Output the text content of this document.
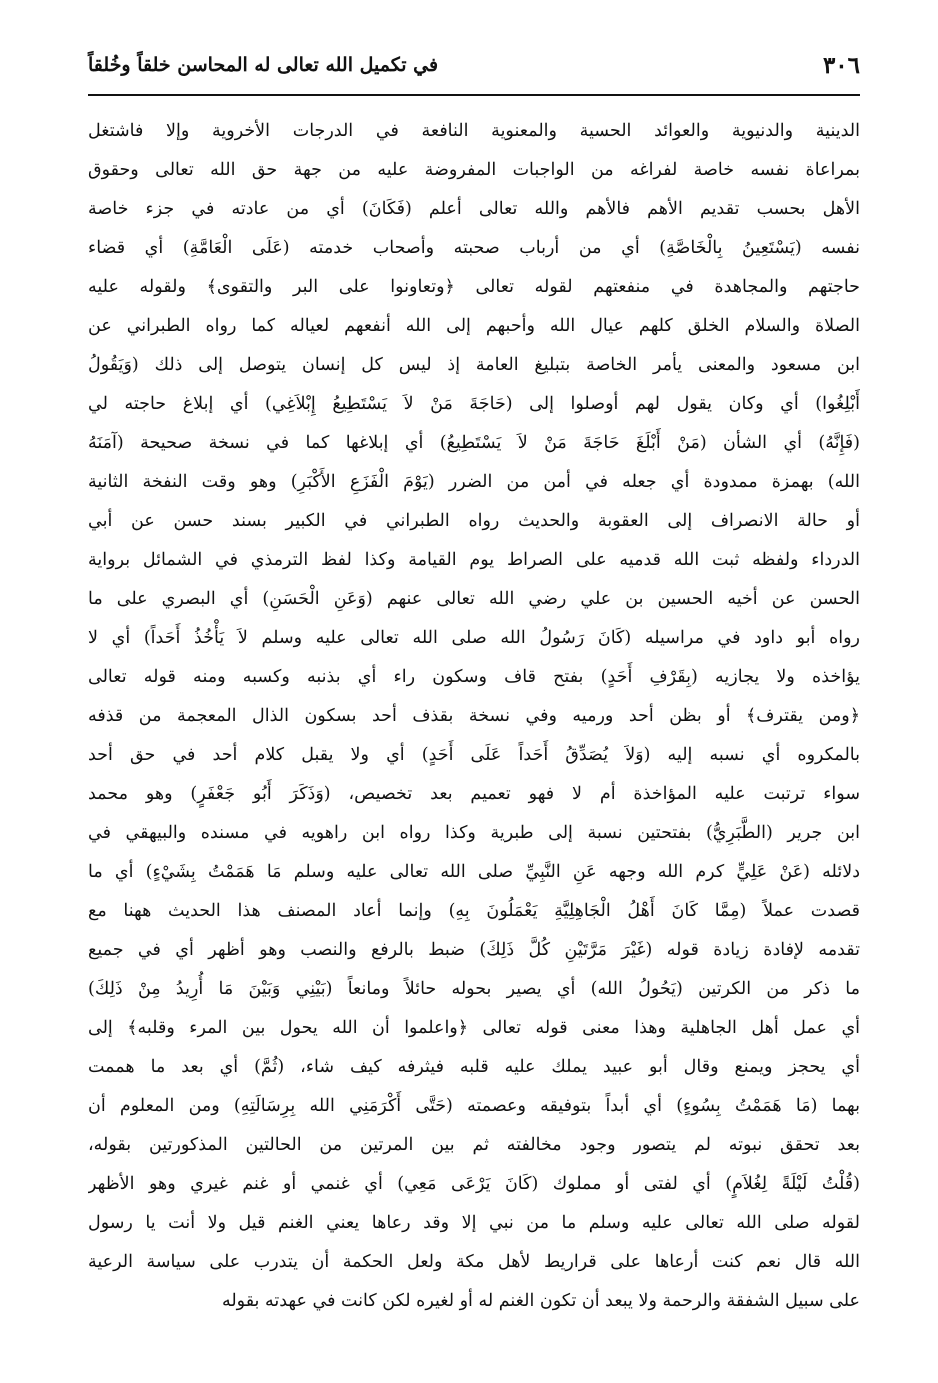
٣٠٦
في تكميل الله تعالى له المحاسن خلقاً وخُلقاً
الدينية والدنيوية والعوائد الحسية والمعنوية النافعة في الدرجات الأخروية وإلا فاشتغل
بمراعاة نفسه خاصة لفراغه من الواجبات المفروضة عليه من جهة حق الله تعالى وحقوق
الأهل بحسب تقديم الأهم فالأهم والله تعالى أعلم (فَكَانَ) أي من عادته في جزء خاصة
نفسه (يَسْتَعِينُ بِالْخَاصَّةِ) أي من أرباب صحبته وأصحاب خدمته (عَلَى الْعَامَّةِ) أي قضاء
حاجتهم والمجاهدة في منفعتهم لقوله تعالى ﴿وتعاونوا على البر والتقوى﴾ ولقوله عليه
الصلاة والسلام الخلق كلهم عيال الله وأحبهم إلى الله أنفعهم لعياله كما رواه الطبراني عن
ابن مسعود والمعنى يأمر الخاصة بتبليغ العامة إذ ليس كل إنسان يتوصل إلى ذلك (وَيَقُولُ
أَبْلِغُوا) أي وكان يقول لهم أوصلوا إلى (حَاجَةَ مَنْ لاَ يَسْتَطِيعُ إِبْلاَغِي) أي إبلاغ حاجته لي
(فَإِنَّهُ) أي الشأن (مَنْ أَبْلَغَ حَاجَةَ مَنْ لاَ يَسْتَطِيعُ) أي إبلاغها كما في نسخة صحيحة (آمَنَهُ
الله) بهمزة ممدودة أي جعله في أمن من الضرر (يَوْمَ الْفَزَعِ الأَكْبَرِ) وهو وقت النفخة الثانية
أو حالة الانصراف إلى العقوبة والحديث رواه الطبراني في الكبير بسند حسن عن أبي
الدرداء ولفظه ثبت الله قدميه على الصراط يوم القيامة وكذا لفظ الترمذي في الشمائل برواية
الحسن عن أخيه الحسين بن علي رضي الله تعالى عنهم (وَعَنِ الْحَسَنِ) أي البصري على ما
رواه أبو داود في مراسيله (كَانَ رَسُولُ الله صلى الله تعالى عليه وسلم لاَ يَأْخُذُ أَحَداً) أي لا
يؤاخذه ولا يجازيه (بِقَرْفِ أَحَدٍ) بفتح قاف وسكون راء أي بذنبه وكسبه ومنه قوله تعالى
﴿ومن يقترف﴾ أو بظن أحد ورميه وفي نسخة بقذف أحد بسكون الذال المعجمة من قذفه
بالمكروه أي نسبه إليه (وَلاَ يُصَدِّقُ أَحَداً عَلَى أَحَدٍ) أي ولا يقبل كلام أحد في حق أحد
سواء ترتبت عليه المؤاخذة أم لا فهو تعميم بعد تخصيص، (وَذَكَرَ أَبُو جَعْفَرٍ) وهو محمد
ابن جرير (الطَّبَرِيُّ) بفتحتين نسبة إلى طبرية وكذا رواه ابن راهويه في مسنده والبيهقي في
دلائله (عَنْ عَلِيٍّ كرم الله وجهه عَنِ النَّبِيِّ صلى الله تعالى عليه وسلم مَا هَمَمْتُ بِشَيْءٍ) أي ما
قصدت عملاً (مِمَّا كَانَ أَهْلُ الْجَاهِلِيَّةِ يَعْمَلُونَ بِهِ) وإنما أعاد المصنف هذا الحديث ههنا مع
تقدمه لإفادة زيادة قوله (غَيْرَ مَرَّتَيْنِ كُلَّ ذَلِكَ) ضبط بالرفع والنصب وهو أظهر أي في جميع
ما ذكر من الكرتين (يَحُولُ الله) أي يصير بحوله حائلاً ومانعاً (بَيْنِي وَبَيْنَ مَا أُرِيدُ مِنْ ذَلِكَ)
أي عمل أهل الجاهلية وهذا معنى قوله تعالى ﴿واعلموا أن الله يحول بين المرء وقلبه﴾ إلى
أي يحجز ويمنع وقال أبو عبيد يملك عليه قلبه فيثرفه كيف شاء، (ثُمَّ) أي بعد ما هممت
بهما (مَا هَمَمْتُ بِسُوءٍ) أي أبداً بتوفيقه وعصمته (حَتَّى أَكْرَمَنِي الله بِرِسَالَتِهِ) ومن المعلوم أن
بعد تحقق نبوته لم يتصور وجود مخالفته ثم بين المرتين من الحالتين المذكورتين بقوله،
(قُلْتُ لَيْلَةً لِغُلاَمٍ) أي لفتى أو مملوك (كَانَ يَرْعَى مَعِي) أي غنمي أو غنم غيري وهو الأظهر
لقوله صلى الله تعالى عليه وسلم ما من نبي إلا وقد رعاها يعني الغنم قيل ولا أنت يا رسول
الله قال نعم كنت أرعاها على قراريط لأهل مكة ولعل الحكمة أن يتدرب على سياسة الرعية
على سبيل الشفقة والرحمة ولا يبعد أن تكون الغنم له أو لغيره لكن كانت في عهدته بقوله
